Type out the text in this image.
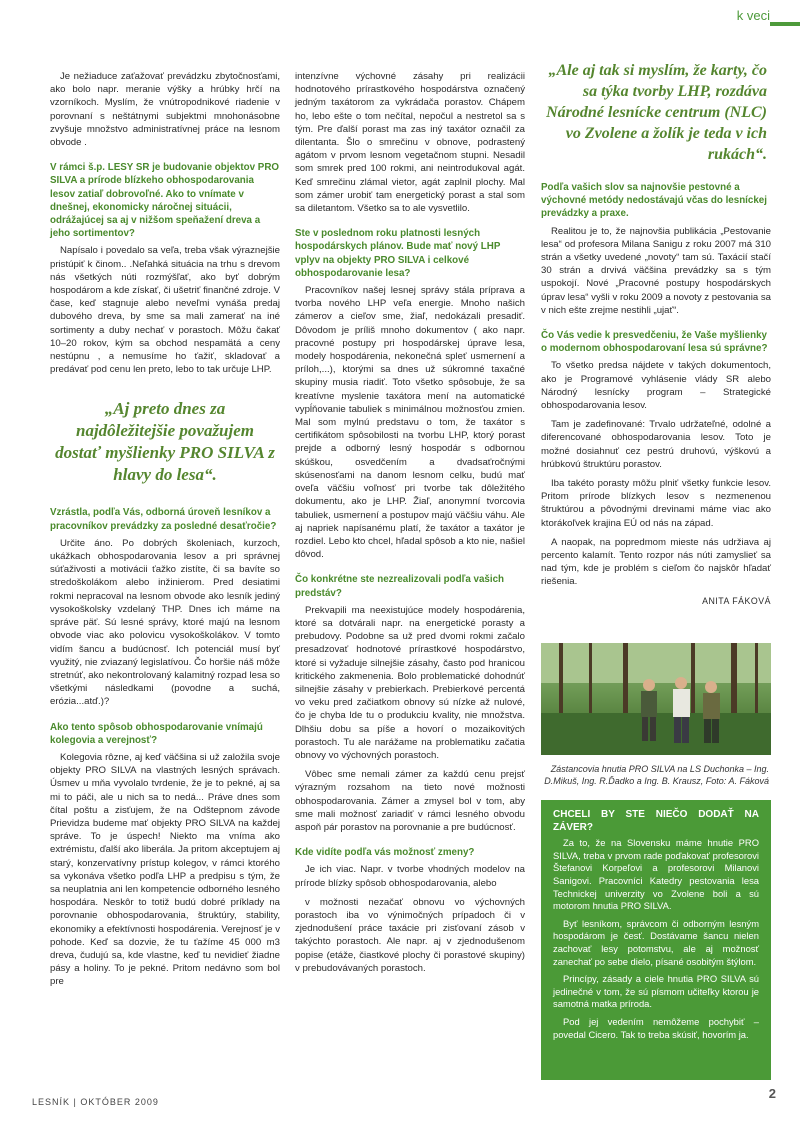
k veci

Je nežiaduce zaťažovať prevádzku zbytočnosťami, ako bolo napr. meranie výšky a hrúbky hrčí na vzorníkoch. Myslím, že vnútropodnikové riadenie v porovnaní s neštátnymi subjektmi mnohonásobne zvyšuje množstvo administratívnej práce na lesnom obvode .

V rámci š.p. LESY SR je budovanie objektov PRO SILVA a prírode blízkeho obhospodarovania lesov zatiaľ dobrovoľné. Ako to vnímate v dnešnej, ekonomicky náročnej situácii, odrážajúcej sa aj v nižšom speňažení dreva a jeho sortimentov?

Napísalo i povedalo sa veľa, treba však výraznejšie pristúpiť k činom.. .Neľahká situácia na trhu s drevom nás všetkých núti rozmýšľať, ako byť dobrým hospodárom a kde získať, či ušetriť finančné zdroje. V čase, keď stagnuje alebo neveľmi vynáša predaj dubového dreva, by sme sa mali zamerať na iné sortimenty a duby nechať v porastoch. Môžu čakať 10–20 rokov, kým sa obchod nespamätá a ceny nestúpnu , a nemusíme ho ťažiť, skladovať a predávať pod cenu len preto, lebo to tak určuje LHP.

„Aj preto dnes za najdôležitejšie považujem dostať myšlienky PRO SILVA z hlavy do lesa“.
Vzrástla, podľa Vás, odborná úroveň lesníkov a pracovníkov prevádzky za posledné desaťročie?

Určite áno. Po dobrých školeniach, kurzoch, ukážkach obhospodarovania lesov a pri správnej súťaživosti a motivácii ťažko zistíte, či sa bavíte so stredoškolákom alebo inžinierom. Pred desiatimi rokmi nepracoval na lesnom obvode ako lesník jediný vysokoškolsky vzdelaný THP. Dnes ich máme na správe päť. Sú lesné správy, ktoré majú na lesnom obvode viac ako polovicu vysokoškolákov. V tomto vidím šancu a budúcnosť. Ich potenciál musí byť využitý, nie zviazaný legislatívou. Čo horšie náš môže stretnúť, ako nekontrolovaný kalamitný rozpad lesa so všetkými následkami (povodne a suchá, erózia...atď.)?

Ako tento spôsob obhospodarovanie vnímajú kolegovia a verejnosť?

Kolegovia rôzne, aj keď väčšina si už založila svoje objekty PRO SILVA na vlastných lesných správach. Úsmev u mňa vyvolalo tvrdenie, že je to pekné, aj sa mi to páči, ale u nich sa to nedá... Práve dnes som čítal poštu a zisťujem, že na Odštepnom závode Prievidza budeme mať objekty PRO SILVA na každej správe. To je úspech! Niekto ma vníma ako extrémistu, ďalší ako liberála. Ja pritom akceptujem aj starý, konzervatívny prístup kolegov, v rámci ktorého sa vykonáva všetko podľa LHP a predpisu s tým, že sa neuplatnia ani len kompetencie odborného lesného hospodára. Neskôr to totiž budú dobré príklady na porovnanie obhospodarovania, štruktúry, stability, ekonomiky a efektívnosti hospodárenia. Verejnosť je v pohode. Keď sa dozvie, že tu ťažíme 45 000 m3 dreva, čudujú sa, kde vlastne, keď tu nevidieť žiadne pásy a holiny. To je pekné. Pritom nedávno som bol pre

intenzívne výchovné zásahy pri realizácii hodnotového prírastkového hospodárstva označený jedným taxátorom za vykrádača porastov. Chápem ho, lebo ešte o tom nečítal, nepočul a nestretol sa s tým. Pre ďalší porast ma zas iný taxátor označil za dilentanta. Šlo o smrečinu v obnove, podrastený agátom v prvom lesnom vegetačnom stupni. Nesadil som smrek pred 100 rokmi, ani neintrodukoval agát. Keď smrečinu zlámal vietor, agát zaplnil plochy. Mal som zámer urobiť tam energetický porast a stal som sa diletantom. Všetko sa to ale vysvetlilo.

Ste v poslednom roku platnosti lesných hospodárskych plánov. Bude mať nový LHP vplyv na objekty PRO SILVA i celkové obhospodarovanie lesa?

Pracovníkov našej lesnej správy stála príprava a tvorba nového LHP veľa energie. Mnoho našich zámerov a cieľov sme, žiaľ, nedokázali presadiť. Dôvodom je príliš mnoho dokumentov ( ako napr. pracovné postupy pri hospodárskej úprave lesa, modely hospodárenia, nekonečná spleť usmernení a príloh,...), ktorými sa dnes už súkromné taxačné skupiny musia riadiť. Toto všetko spôsobuje, že sa kreatívne myslenie taxátora mení na automatické vypĺňovanie tabuliek s minimálnou možnosťou zmien. Mal som mylnú predstavu o tom, že taxátor s certifikátom spôsobilosti na tvorbu LHP, ktorý porast prejde a odborný lesný hospodár s odbornou skúškou, osvedčením a dvadsaťročnými skúsenosťami na danom lesnom celku, budú mať oveľa väčšiu voľnosť pri tvorbe tak dôležitého dokumentu, ako je LHP. Žiaľ, anonymní tvorcovia tabuliek, usmernení a postupov majú väčšiu váhu. Ale aj napriek napísanému platí, že taxátor a taxátor je rozdiel. Lebo kto chcel, hľadal spôsob a kto nie, našiel dôvod.

Čo konkrétne ste nezrealizovali podľa vašich predstáv?

Prekvapili ma neexistujúce modely hospodárenia, ktoré sa dotvárali napr. na energetické porasty a prebudovy. Podobne sa už pred dvomi rokmi začalo presadzovať hodnotové prírastkové hospodárstvo, ktoré si vyžaduje silnejšie zásahy, často pod hranicou kritického zakmenenia. Bolo problematické dohodnúť silnejšie zásahy v prebierkach. Prebierkové percentá vo veku pred začiatkom obnovy sú nízke až nulové, čo je chyba lde tu o produkciu kvality, nie množstva. Dlhšiu dobu sa píše a hovorí o mozaikovitých porastoch. Tu ale narážame na problematiku začatia obnovy vo výchovných porastoch.

Vôbec sme nemali zámer za každú cenu prejsť výrazným rozsahom na tieto nové možnosti obhospodarovania. Zámer a zmysel bol v tom, aby sme mali možnosť zariadiť v rámci lesného obvodu aspoň pár porastov na porovnanie a pre budúcnosť.

Kde vidíte podľa vás možnosť zmeny?

Je ich viac. Napr. v tvorbe vhodných modelov na prírode blízky spôsob obhospodarovania, alebo

v možnosti nezačať obnovu vo výchovných porastoch iba vo výnimočných prípadoch či v zjednodušení práce taxácie pri zisťovaní zásob v takýchto porastoch. Ale napr. aj v zjednodušenom popise (etáže, čiastkové plochy či porastové skupiny) v prebudovávaných porastoch.

„Ale aj tak si myslím, že karty, čo sa týka tvorby LHP, rozdáva Národné lesnícke centrum (NLC) vo Zvolene a žolík je teda v ich rukách“.
Podľa vašich slov sa najnovšie pestovné a výchovné metódy nedostávajú včas do lesníckej prevádzky a praxe.

Realitou je to, že najnovšia publikácia „Pestovanie lesa“ od profesora Milana Sanigu z roku 2007 má 310 strán a všetky uvedené „novoty“ tam sú. Taxácií stačí 30 strán a drvivá väčšina prevádzky sa s tým uspokojí. Nové „Pracovné postupy hospodárskych úprav lesa“ vyšli v roku 2009 a novoty z pestovania sa v nich ešte zrejme nestihli „ujať“.

Čo Vás vedie k presvedčeniu, že Vaše myšlienky o modernom obhospodarovaní lesa sú správne?

To všetko predsa nájdete v takých dokumentoch, ako je Programové vyhlásenie vlády SR alebo Národný lesnícky program – Strategické obhospodarovania lesov.

Tam je zadefinované: Trvalo udržateľné, odolné a diferencované obhospodarovania lesov. Toto je možné dosiahnuť cez pestrú druhovú, výškovú a hrúbkovú štruktúru porastov.

Iba takéto porasty môžu plniť všetky funkcie lesov. Pritom prírode blízkych lesov s nezmenenou štruktúrou a pôvodnými drevinami máme viac ako ktorákoľvek krajina EÚ od nás na západ.

A naopak, na popredmom mieste nás udržiava aj percento kalamít. Tento rozpor nás núti zamyslieť sa nad tým, kde je problém s cieľom čo najskôr hľadať riešenia.

ANITA FÁKOVÁ
Zástancovia hnutia PRO SILVA na LS Duchonka – Ing. D.Mikuš, Ing. R.Ďadko a Ing. B. Krausz, Foto: A. Fáková
CHCELI BY STE NIEČO DODAŤ NA ZÁVER?

Za to, že na Slovensku máme hnutie PRO SILVA, treba v prvom rade poďakovať profesorovi Štefanovi Korpeľovi a profesorovi Milanovi Sanigovi. Pracovníci Katedry pestovania lesa Technickej univerzity vo Zvolene boli a sú motorom hnutia PRO SILVA.

Byť lesníkom, správcom či odborným lesným hospodárom je česť. Dostávame šancu nielen zachovať lesy potomstvu, ale aj možnosť zanechať po sebe dielo, písané osobitým štýlom.

Princípy, zásady a ciele hnutia PRO SILVA sú jedinečné v tom, že sú písmom učiteľky ktorou je samotná matka príroda.

Pod jej vedením nemôžeme pochybiť – povedal Cicero. Tak to treba skúsiť, hovorím ja.

LESNÍK | OKTÓBER 2009
2
